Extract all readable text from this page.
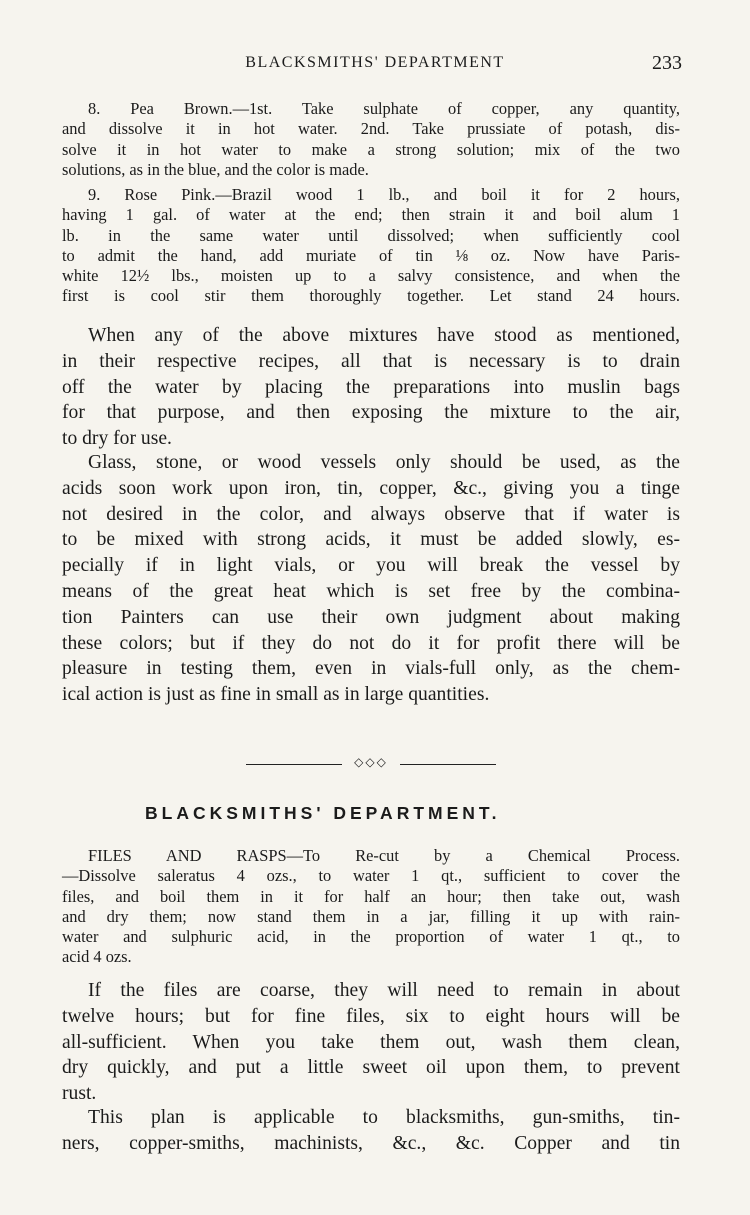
BLACKSMITHS' DEPARTMENT	233
8. Pea Brown.—1st. Take sulphate of copper, any quantity,
and dissolve it in hot water. 2nd. Take prussiate of potash, dis-
solve it in hot water to make a strong solution; mix of the two
solutions, as in the blue, and the color is made.
9. Rose Pink.—Brazil wood 1 lb., and boil it for 2 hours,
having 1 gal. of water at the end; then strain it and boil alum 1
lb. in the same water until dissolved; when sufficiently cool
to admit the hand, add muriate of tin ⅛ oz. Now have Paris-
white 12½ lbs., moisten up to a salvy consistence, and when the
first is cool stir them thoroughly together. Let stand 24 hours.
When any of the above mixtures have stood as mentioned,
in their respective recipes, all that is necessary is to drain
off the water by placing the preparations into muslin bags
for that purpose, and then exposing the mixture to the air,
to dry for use.
Glass, stone, or wood vessels only should be used, as the
acids soon work upon iron, tin, copper, &c., giving you a tinge
not desired in the color, and always observe that if water is
to be mixed with strong acids, it must be added slowly, es-
pecially if in light vials, or you will break the vessel by
means of the great heat which is set free by the combina-
tion Painters can use their own judgment about making
these colors; but if they do not do it for profit there will be
pleasure in testing them, even in vials-full only, as the chem-
ical action is just as fine in small as in large quantities.
◇◇◇
BLACKSMITHS' DEPARTMENT.
FILES AND RASPS—To Re-cut by a Chemical Process.
—Dissolve saleratus 4 ozs., to water 1 qt., sufficient to cover the
files, and boil them in it for half an hour; then take out, wash
and dry them; now stand them in a jar, filling it up with rain-
water and sulphuric acid, in the proportion of water 1 qt., to
acid 4 ozs.
If the files are coarse, they will need to remain in about
twelve hours; but for fine files, six to eight hours will be
all-sufficient. When you take them out, wash them clean,
dry quickly, and put a little sweet oil upon them, to prevent
rust.
This plan is applicable to blacksmiths, gun-smiths, tin-
ners, copper-smiths, machinists, &c., &c. Copper and tin
